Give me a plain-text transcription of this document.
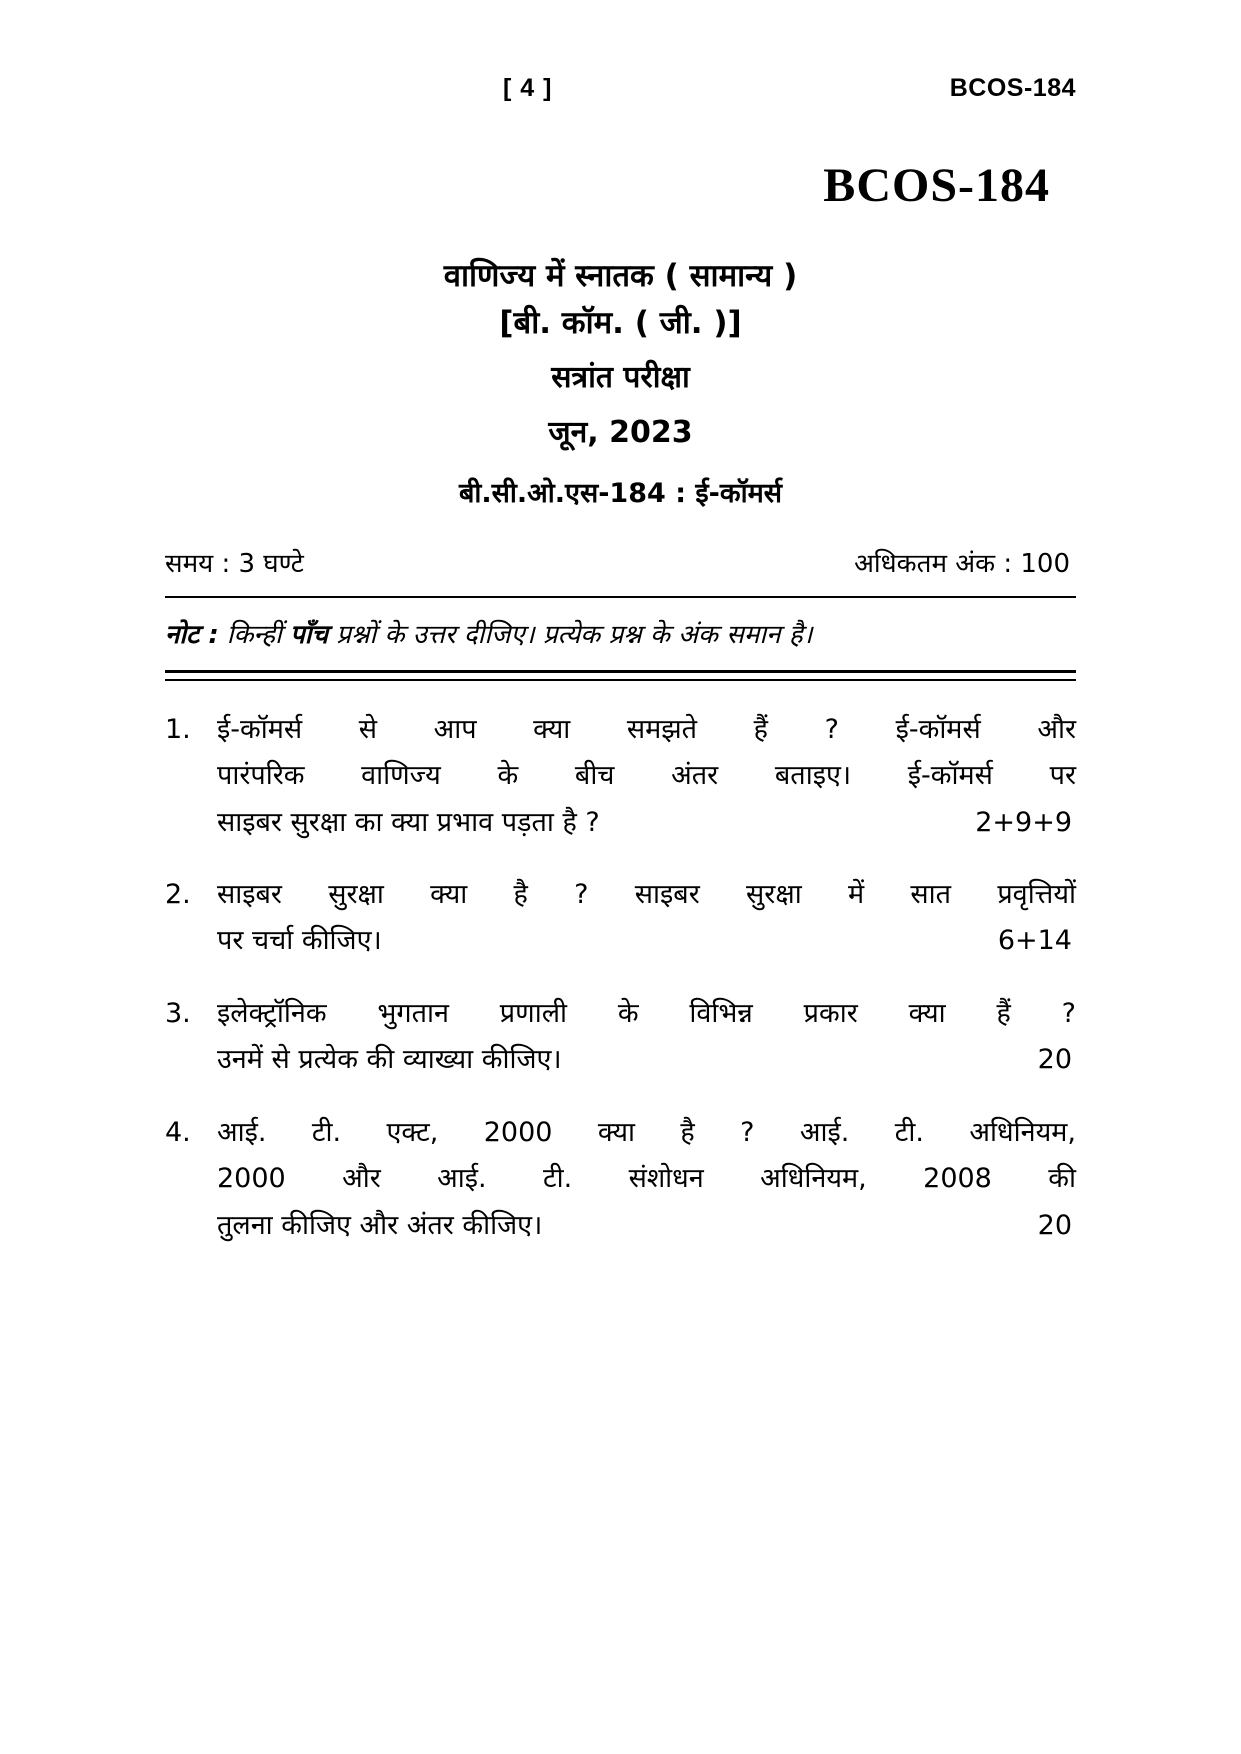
[ 4 ]	BCOS-184
BCOS-184
वाणिज्य में स्नातक ( सामान्य )
[बी. कॉम. ( जी. )]
सत्रांत परीक्षा
जून, 2023
बी.सी.ओ.एस-184 : ई-कॉमर्स
समय : 3 घण्टे	अधिकतम अंक : 100
नोट : किन्हीं पाँच प्रश्नों के उत्तर दीजिए। प्रत्येक प्रश्न के अंक समान है।
1. ई-कॉमर्स से आप क्या समझते हैं ? ई-कॉमर्स और
पारंपरिक वाणिज्य के बीच अंतर बताइए। ई-कॉमर्स पर
साइबर सुरक्षा का क्या प्रभाव पड़ता है ?	2+9+9
2. साइबर सुरक्षा क्या है ? साइबर सुरक्षा में सात प्रवृत्तियों
पर चर्चा कीजिए।	6+14
3. इलेक्ट्रॉनिक भुगतान प्रणाली के विभिन्न प्रकार क्या हैं ?
उनमें से प्रत्येक की व्याख्या कीजिए।	20
4. आई. टी. एक्ट, 2000 क्या है ? आई. टी. अधिनियम,
2000 और आई. टी. संशोधन अधिनियम, 2008 की
तुलना कीजिए और अंतर कीजिए।	20
